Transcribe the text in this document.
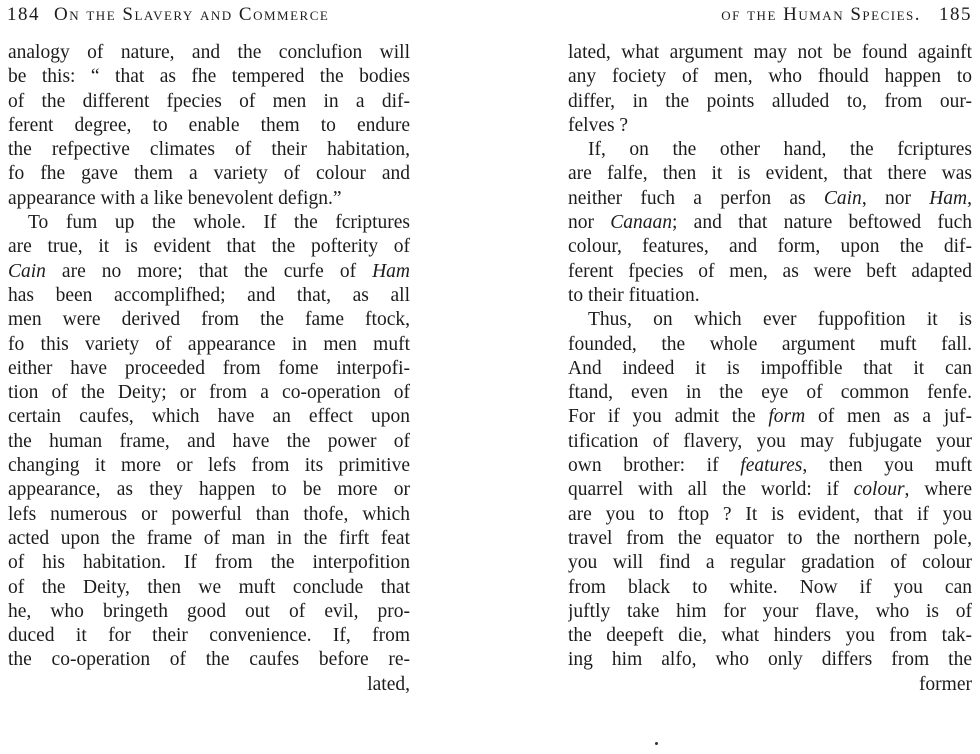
184 On the Slavery and Commerce
analogy of nature, and the conclufion will
be this: “ that as fhe tempered the bodies
of the different fpecies of men in a dif-
ferent degree, to enable them to endure
the refpective climates of their habitation,
fo fhe gave them a variety of colour and
appearance with a like benevolent defign.”
To fum up the whole. If the fcriptures
are true, it is evident that the pofterity of
Cain are no more; that the curfe of Ham
has been accomplifhed; and that, as all
men were derived from the fame ftock,
fo this variety of appearance in men muft
either have proceeded from fome interpofi-
tion of the Deity; or from a co-operation of
certain caufes, which have an effect upon
the human frame, and have the power of
changing it more or lefs from its primitive
appearance, as they happen to be more or
lefs numerous or powerful than thofe, which
acted upon the frame of man in the firft feat
of his habitation. If from the interpofition
of the Deity, then we muft conclude that
he, who bringeth good out of evil, pro-
duced it for their convenience. If, from
the co-operation of the caufes before re-
lated,
of the Human Species. 185
lated, what argument may not be found againft
any fociety of men, who fhould happen to
differ, in the points alluded to, from our-
felves ?
If, on the other hand, the fcriptures
are falfe, then it is evident, that there was
neither fuch a perfon as Cain, nor Ham,
nor Canaan; and that nature beftowed fuch
colour, features, and form, upon the dif-
ferent fpecies of men, as were beft adapted
to their fituation.
Thus, on which ever fuppofition it is
founded, the whole argument muft fall.
And indeed it is impoffible that it can
ftand, even in the eye of common fenfe.
For if you admit the form of men as a juf-
tification of flavery, you may fubjugate your
own brother: if features, then you muft
quarrel with all the world: if colour, where
are you to ftop ? It is evident, that if you
travel from the equator to the northern pole,
you will find a regular gradation of colour
from black to white. Now if you can
juftly take him for your flave, who is of
the deepeft die, what hinders you from tak-
ing him alfo, who only differs from the
former
